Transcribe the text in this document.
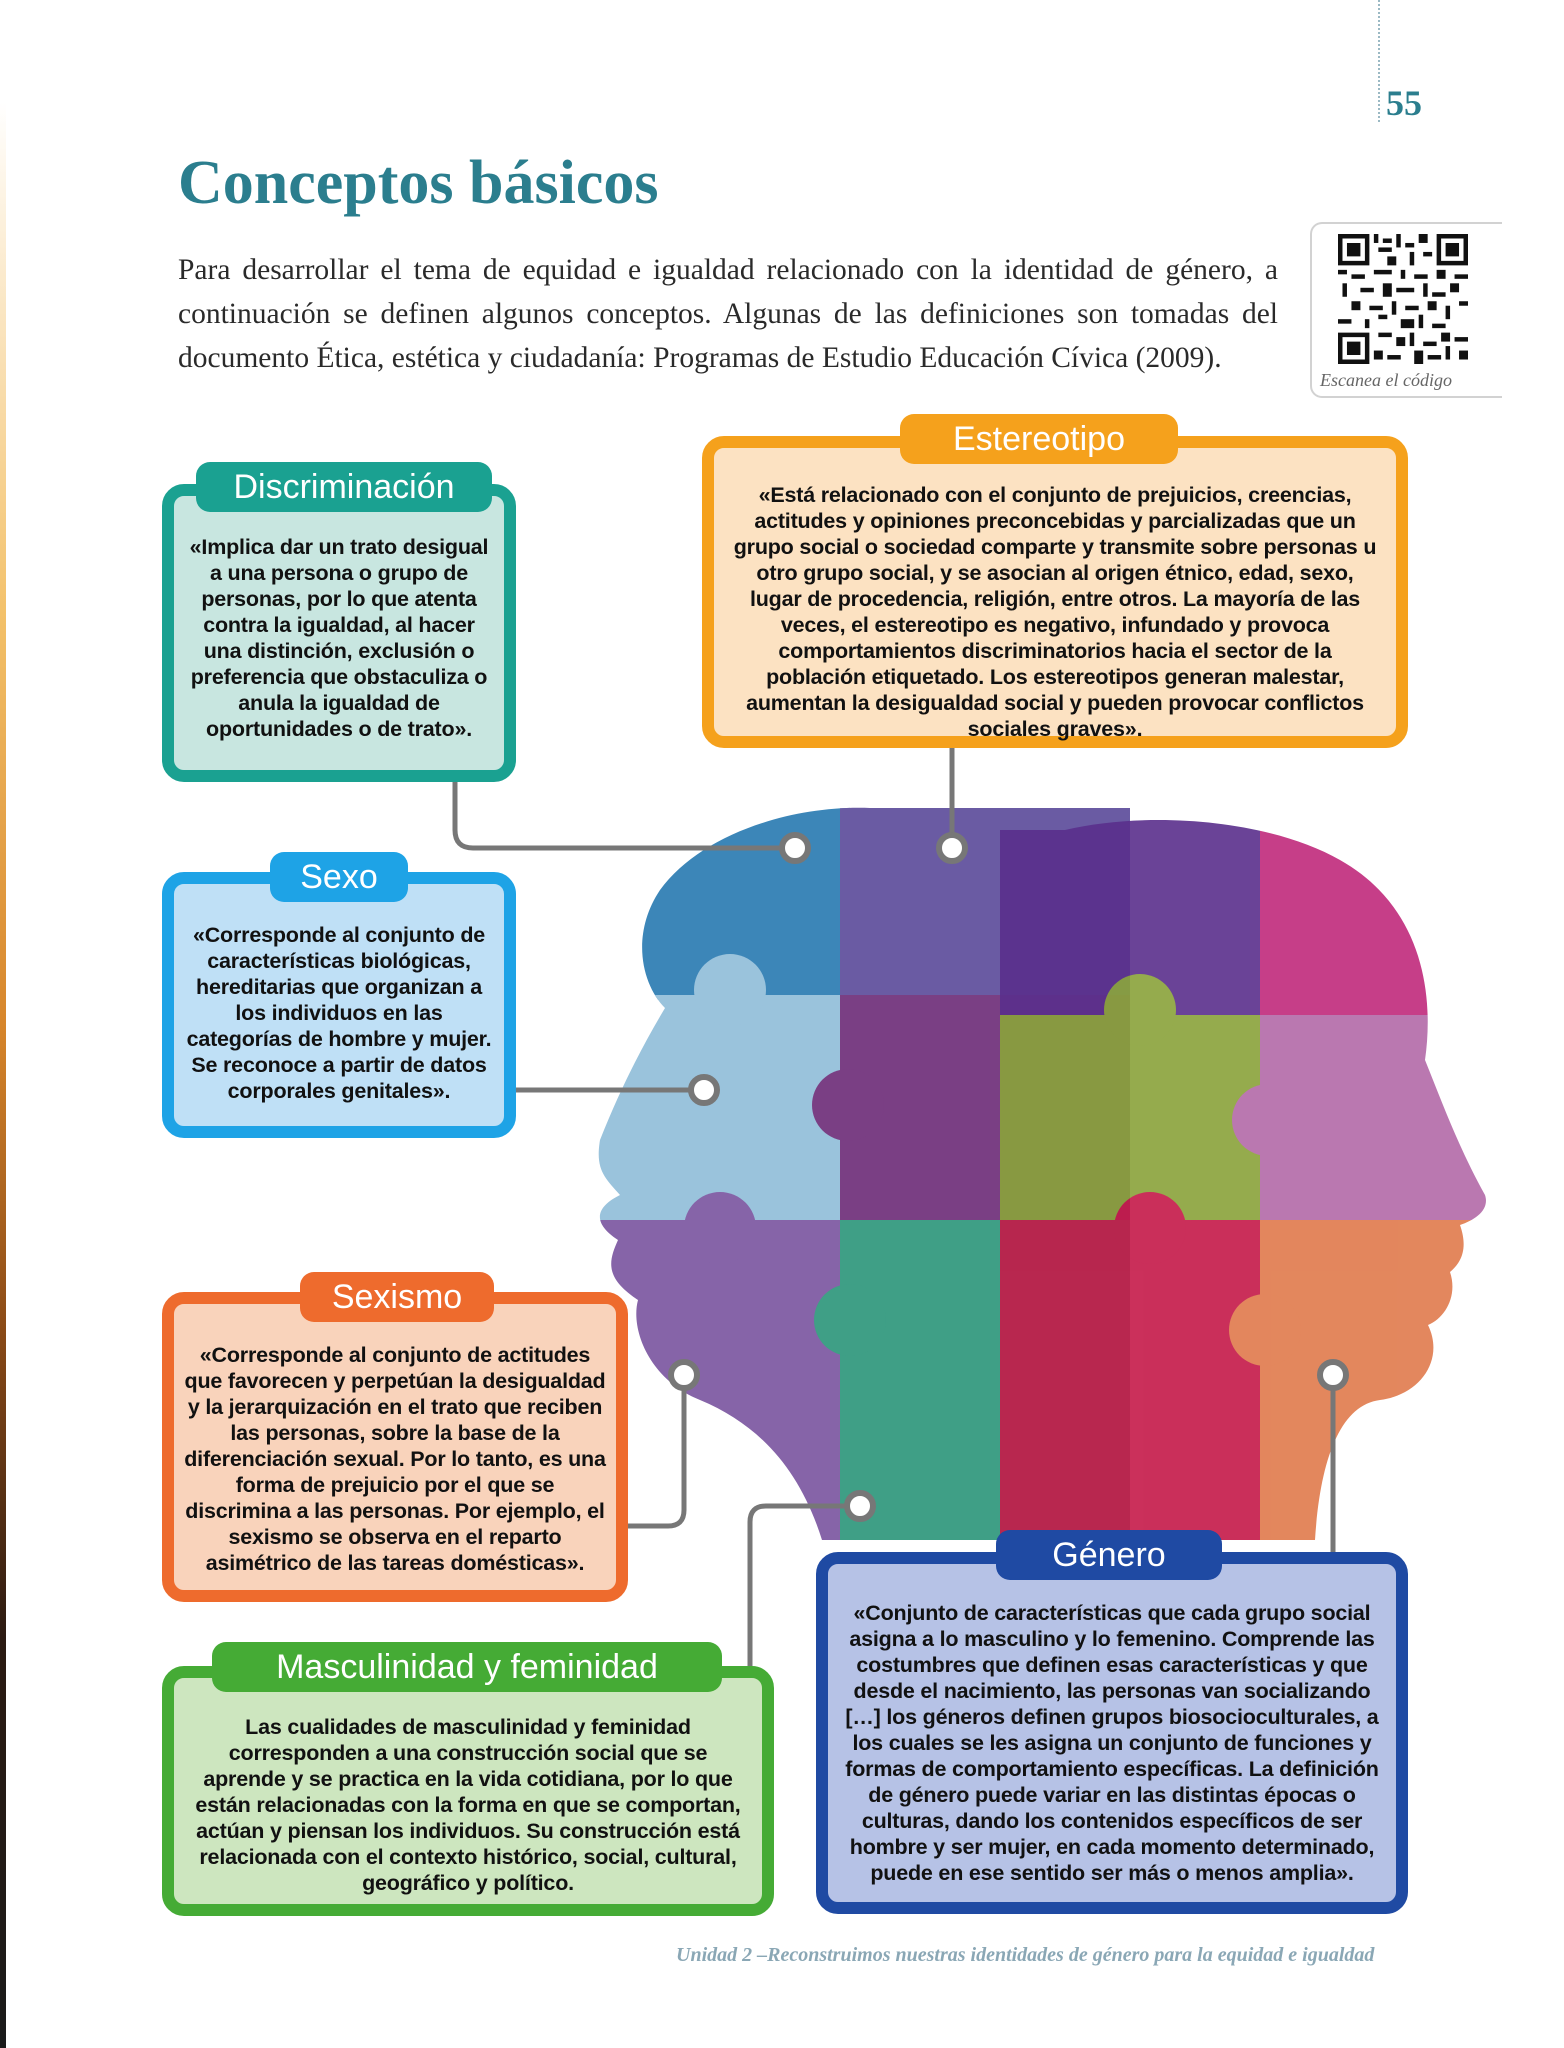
55
Conceptos básicos

Para desarrollar el tema de equidad e igualdad relacionado con la identidad de género, a continuación se definen algunos conceptos. Algunas de las definiciones son tomadas del documento Ética, estética y ciudadanía: Programas de Estudio Educación Cívica (2009).

Escanea el código

«Implica dar un trato desigual a una persona o grupo de personas, por lo que atenta contra la igualdad, al hacer una distinción, exclusión o preferencia que obstaculiza o anula la igualdad de oportunidades o de trato».

Discriminación	«Está relacionado con el conjunto de prejuicios, creencias, actitudes y opiniones preconcebidas y parcializadas que un grupo social o sociedad comparte y transmite sobre personas u otro grupo social, y se asocian al origen étnico, edad, sexo, lugar de procedencia, religión, entre otros. La mayoría de las veces, el estereotipo es negativo, infundado y provoca comportamientos discriminatorios hacia el sector de la población etiquetado. Los estereotipos generan malestar, aumentan la desigualdad social y pueden provocar conflictos sociales graves».

Estereotipo

«Corresponde al conjunto de características biológicas, hereditarias que organizan a los individuos en las categorías de hombre y mujer. Se reconoce a partir de datos corporales genitales».

Sexo

«Corresponde al conjunto de actitudes que favorecen y perpetúan la desigualdad y la jerarquización en el trato que reciben las personas, sobre la base de la diferenciación sexual. Por lo tanto, es una forma de prejuicio por el que se discrimina a las personas. Por ejemplo, el sexismo se observa en el reparto asimétrico de las tareas domésticas».

Sexismo

Las cualidades de masculinidad y feminidad corresponden a una construcción social que se aprende y se practica en la vida cotidiana, por lo que están relacionadas con la forma en que se comportan, actúan y piensan los individuos. Su construcción está relacionada con el contexto histórico, social, cultural, geográfico y político.

Masculinidad y feminidad

«Conjunto de características que cada grupo social asigna a lo masculino y lo femenino. Comprende las costumbres que definen esas características y que desde el nacimiento, las personas van socializando […] los géneros definen grupos biosocioculturales, a los cuales se les asigna un conjunto de funciones y formas de comportamiento específicas. La definición de género puede variar en las distintas épocas o culturas, dando los contenidos específicos de ser hombre y ser mujer, en cada momento determinado, puede en ese sentido ser más o menos amplia».

Género
Unidad 2 –Reconstruimos nuestras identidades de género para la equidad e igualdad
